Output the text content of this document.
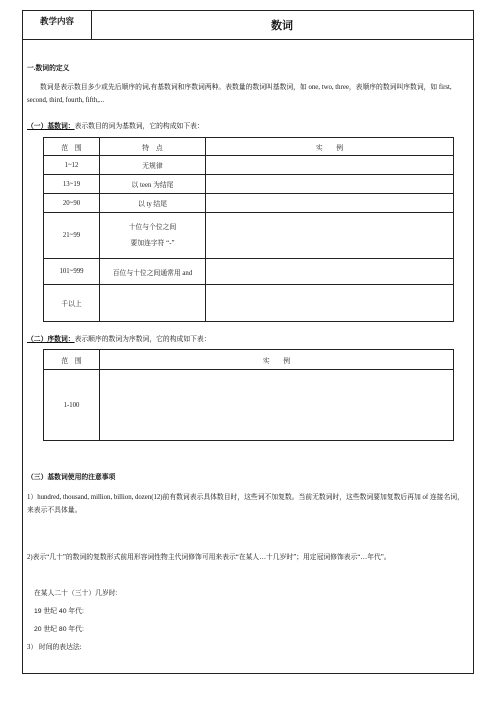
教学内容	数词
一.数词的定义
数词是表示数目多少或先后顺序的词,有基数词和序数词两种。表数量的数词叫基数词，如 one, two, three，表顺序的数词叫序数词，如 first, second, third, fourth, fifth,...
（一）基数词：表示数目的词为基数词，它的构成如下表：
范　围	特　点	实　　例
1~12	无规律	
13~19	以 teen 为结尾	
20~90	以 ty 结尾	
21~99	十位与个位之间
要加连字符 “-”	

101~999	百位与十位之间通常用 and	
千以上		
（二）序数词：表示顺序的数词为序数词，它的构成如下表：
范　围	实　　例
1-100	
（三）基数词使用的注意事项
1）hundred, thousand, million, billion, dozen(12)前有数词表示具体数目时，这些词不加复数。当前无数词时，这些数词要加复数后再加 of 连接名词，来表示不具体量。
2)表示“几十”的数词的复数形式前用形容词性物主代词修饰可用来表示“在某人…十几岁时”；用定冠词修饰表示“…年代”。
在某人二十（三十）几岁时:
19 世纪 40 年代:
20 世纪 80 年代:
3） 时间的表达法:
